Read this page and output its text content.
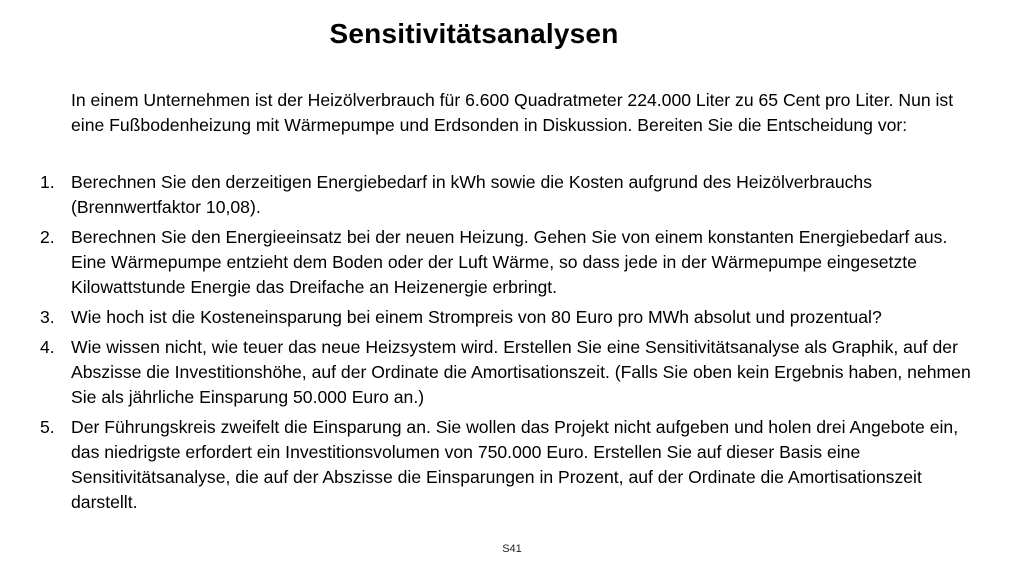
Sensitivitätsanalysen

In einem Unternehmen ist der Heizölverbrauch für 6.600 Quadratmeter 224.000 Liter zu 65 Cent pro Liter. Nun ist eine Fußbodenheizung mit Wärmepumpe und Erdsonden in Diskussion. Bereiten Sie die Entscheidung vor:

1. Berechnen Sie den derzeitigen Energiebedarf in kWh sowie die Kosten aufgrund des Heizölverbrauchs (Brennwertfaktor 10,08).
2. Berechnen Sie den Energieeinsatz bei der neuen Heizung. Gehen Sie von einem konstanten Energiebedarf aus. Eine Wärmepumpe entzieht dem Boden oder der Luft Wärme, so dass jede in der Wärmepumpe eingesetzte Kilowattstunde Energie das Dreifache an Heizenergie erbringt.
3. Wie hoch ist die Kosteneinsparung bei einem Strompreis von 80 Euro pro MWh absolut und prozentual?
4. Wie wissen nicht, wie teuer das neue Heizsystem wird. Erstellen Sie eine Sensitivitätsanalyse als Graphik, auf der Abszisse die Investitionshöhe, auf der Ordinate die Amortisationszeit. (Falls Sie oben kein Ergebnis haben, nehmen Sie als jährliche Einsparung 50.000 Euro an.)
5. Der Führungskreis zweifelt die Einsparung an. Sie wollen das Projekt nicht aufgeben und holen drei Angebote ein, das niedrigste erfordert ein Investitionsvolumen von 750.000 Euro. Erstellen Sie auf dieser Basis eine Sensitivitätsanalyse, die auf der Abszisse die Einsparungen in Prozent, auf der Ordinate die Amortisationszeit darstellt.
S41
